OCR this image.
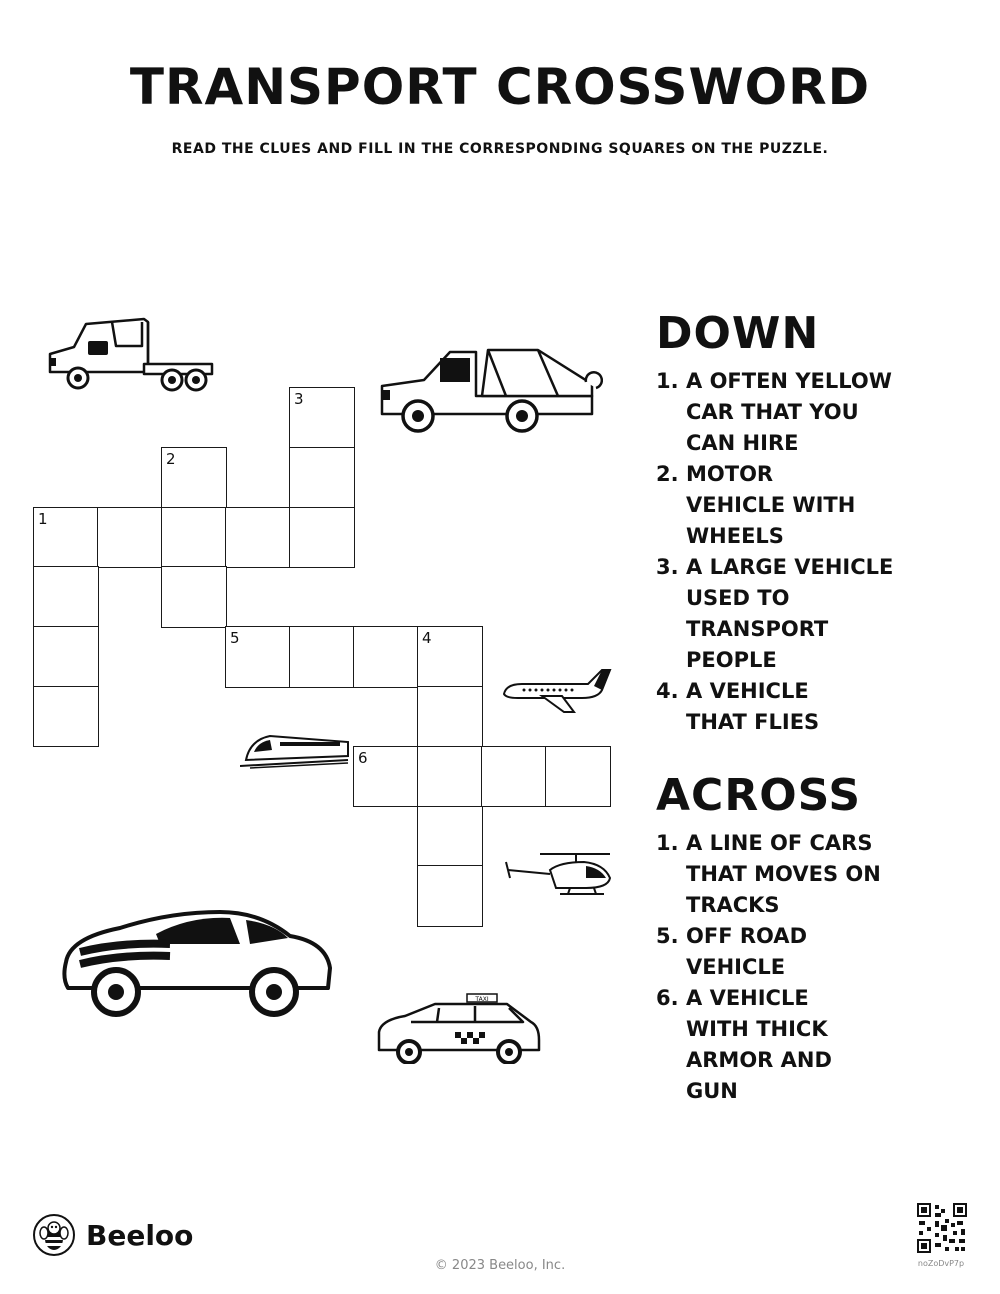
TRANSPORT CROSSWORD
READ THE CLUES AND FILL IN THE CORRESPONDING SQUARES ON THE PUZZLE.
3
2
1
5	4
6
TAXI
DOWN
1. A OFTEN YELLOW CAR THAT YOU CAN HIRE
2. MOTOR VEHICLE WITH WHEELS
3. A LARGE VEHICLE USED TO TRANSPORT PEOPLE
4. A VEHICLE THAT FLIES
ACROSS
1. A LINE OF CARS THAT MOVES ON TRACKS
5. OFF ROAD VEHICLE
6. A VEHICLE WITH THICK ARMOR AND GUN
Beeloo
© 2023 Beeloo, Inc.	noZoDvP7p
